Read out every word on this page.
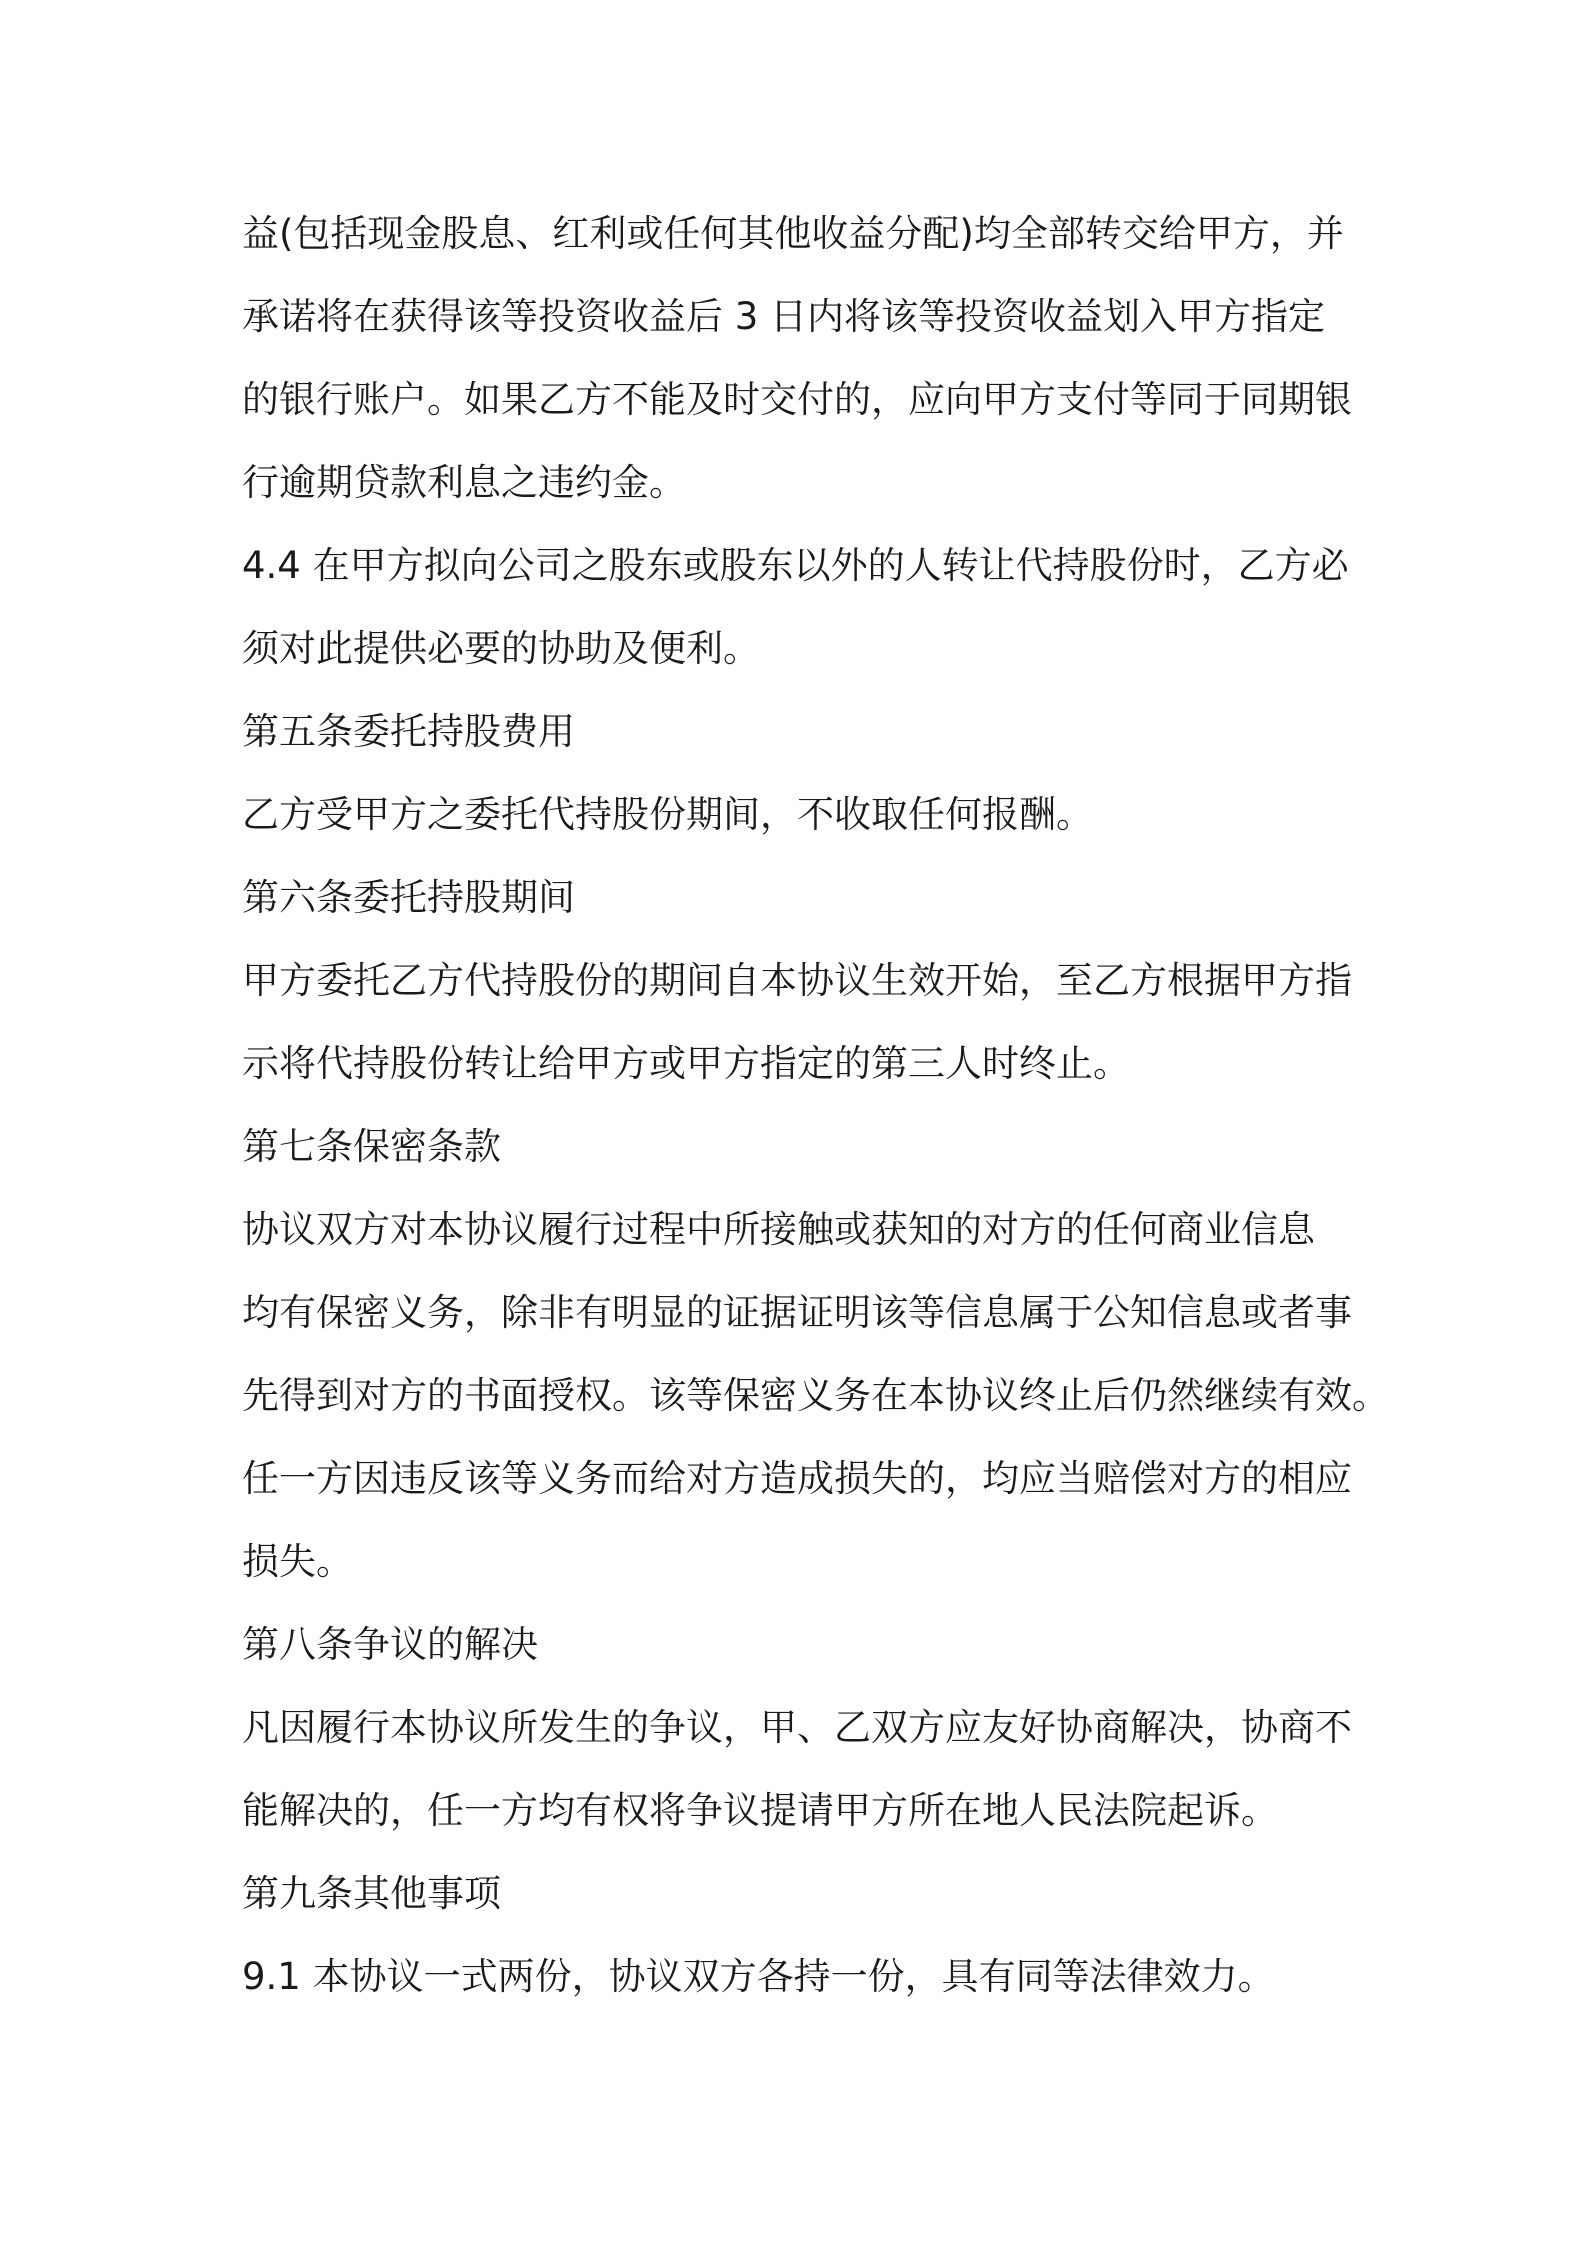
益(包括现金股息、红利或任何其他收益分配)均全部转交给甲方，并

承诺将在获得该等投资收益后 3 日内将该等投资收益划入甲方指定

的银行账户。如果乙方不能及时交付的，应向甲方支付等同于同期银

行逾期贷款利息之违约金。

4.4 在甲方拟向公司之股东或股东以外的人转让代持股份时，乙方必

须对此提供必要的协助及便利。

第五条委托持股费用

乙方受甲方之委托代持股份期间，不收取任何报酬。

第六条委托持股期间

甲方委托乙方代持股份的期间自本协议生效开始，至乙方根据甲方指

示将代持股份转让给甲方或甲方指定的第三人时终止。

第七条保密条款

协议双方对本协议履行过程中所接触或获知的对方的任何商业信息

均有保密义务，除非有明显的证据证明该等信息属于公知信息或者事

先得到对方的书面授权。该等保密义务在本协议终止后仍然继续有效。

任一方因违反该等义务而给对方造成损失的，均应当赔偿对方的相应

损失。

第八条争议的解决

凡因履行本协议所发生的争议，甲、乙双方应友好协商解决，协商不

能解决的，任一方均有权将争议提请甲方所在地人民法院起诉。

第九条其他事项

9.1 本协议一式两份，协议双方各持一份，具有同等法律效力。
